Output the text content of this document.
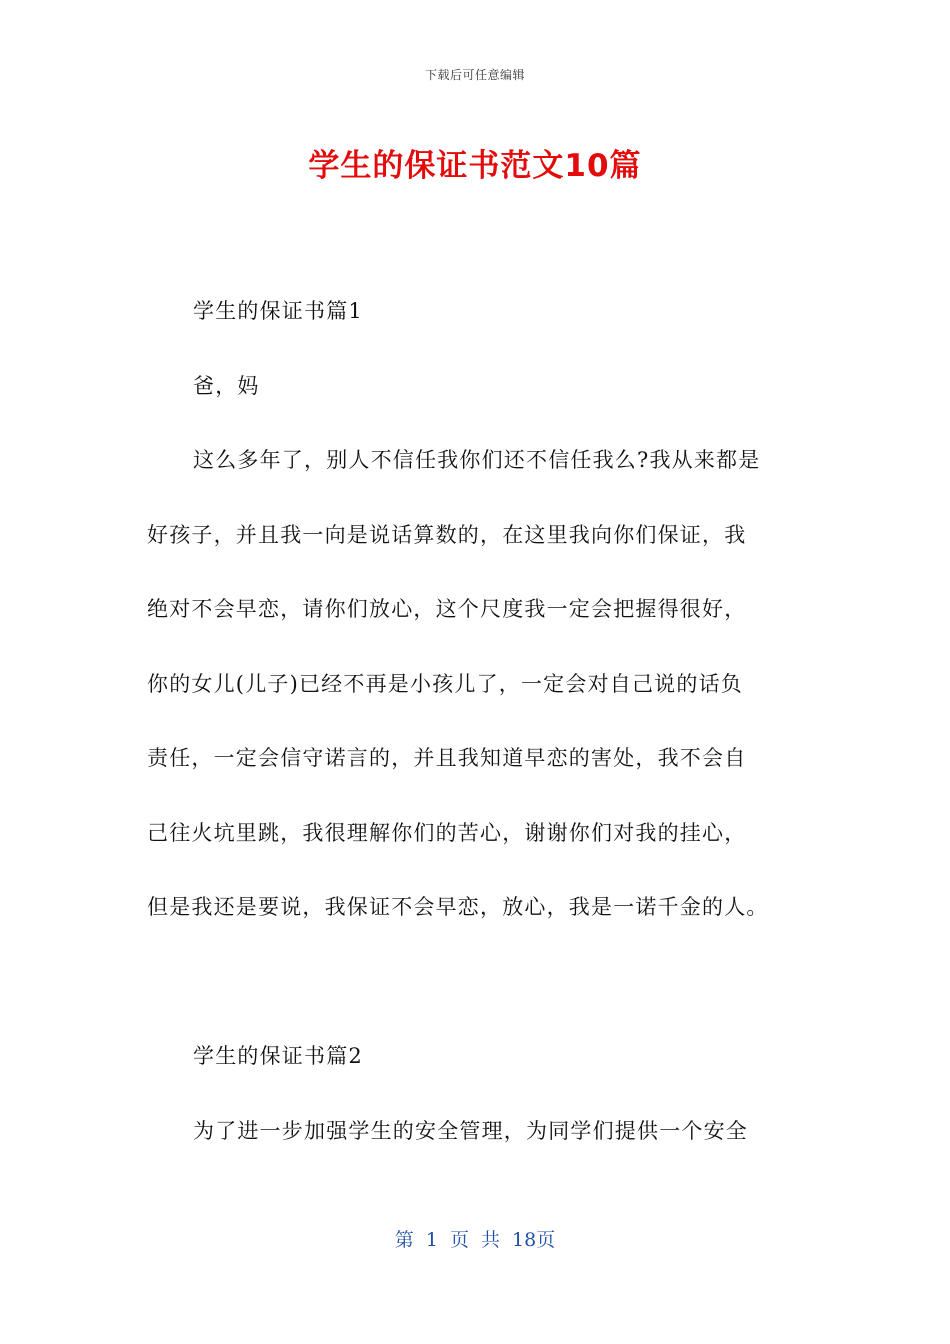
下载后可任意编辑
学生的保证书范文10篇
学生的保证书篇1
爸，妈
这么多年了，别人不信任我你们还不信任我么?我从来都是
好孩子，并且我一向是说话算数的，在这里我向你们保证，我
绝对不会早恋，请你们放心，这个尺度我一定会把握得很好，
你的女儿(儿子)已经不再是小孩儿了，一定会对自己说的话负
责任，一定会信守诺言的，并且我知道早恋的害处，我不会自
己往火坑里跳，我很理解你们的苦心，谢谢你们对我的挂心，
但是我还是要说，我保证不会早恋，放心，我是一诺千金的人。
学生的保证书篇2
为了进一步加强学生的安全管理，为同学们提供一个安全
第 1 页 共 18页
